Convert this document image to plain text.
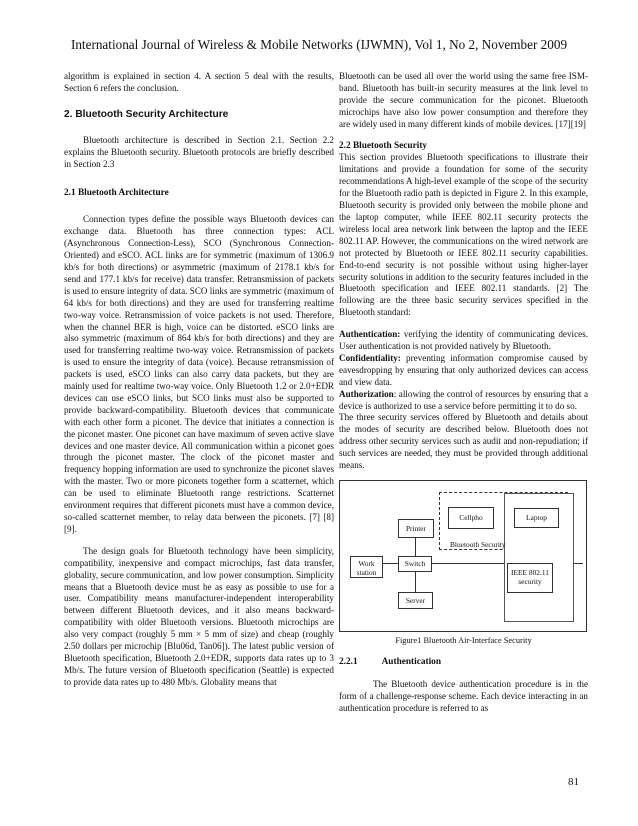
International Journal of Wireless & Mobile Networks (IJWMN), Vol 1, No 2, November 2009

algorithm is explained in section 4. A section 5 deal with the results, Section 6 refers the conclusion.

2. Bluetooth Security Architecture

Bluetooth architecture is described in Section 2.1. Section 2.2 explains the Bluetooth security. Bluetooth protocols are briefly described in Section 2.3

2.1 Bluetooth Architecture

Connection types define the possible ways Bluetooth devices can exchange data. Bluetooth has three connection types: ACL (Asynchronous Connection-Less), SCO (Synchronous Connection-Oriented) and eSCO. ACL links are for symmetric (maximum of 1306.9 kb/s for both directions) or asymmetric (maximum of 2178.1 kb/s for send and 177.1 kb/s for receive) data transfer. Retransmission of packets is used to ensure integrity of data. SCO links are symmetric (maximum of 64 kb/s for both directions) and they are used for transferring realtime two-way voice. Retransmission of voice packets is not used. Therefore, when the channel BER is high, voice can be distorted. eSCO links are also symmetric (maximum of 864 kb/s for both directions) and they are used for transferring realtime two-way voice. Retransmission of packets is used to ensure the integrity of data (voice). Because retransmission of packets is used, eSCO links can also carry data packets, but they are mainly used for realtime two-way voice. Only Bluetooth 1.2 or 2.0+EDR devices can use eSCO links, but SCO links must also be supported to provide backward-compatibility. Bluetooth devices that communicate with each other form a piconet. The device that initiates a connection is the piconet master. One piconet can have maximum of seven active slave devices and one master device. All communication within a piconet goes through the piconet master. The clock of the piconet master and frequency hopping information are used to synchronize the piconet slaves with the master. Two or more piconets together form a scatternet, which can be used to eliminate Bluetooth range restrictions. Scatternet environment requires that different piconets must have a common device, so-called scatternet member, to relay data between the piconets. [7] [8] [9].

The design goals for Bluetooth technology have been simplicity, compatibility, inexpensive and compact microchips, fast data transfer, globality, secure communication, and low power consumption. Simplicity means that a Bluetooth device must be as easy as possible to use for a user. Compatibility means manufacturer-independent interoperability between different Bluetooth devices, and it also means backward-compatibility with older Bluetooth versions. Bluetooth microchips are also very compact (roughly 5 mm × 5 mm of size) and cheap (roughly 2.50 dollars per microchip [Blu06d, Tan06]). The latest public version of Bluetooth specification, Bluetooth 2.0+EDR, supports data rates up to 3 Mb/s. The future version of Bluetooth specification (Seattle) is expected to provide data rates up to 480 Mb/s. Globality means that

Bluetooth can be used all over the world using the same free ISM-band. Bluetooth has built-in security measures at the link level to provide the secure communication for the piconet. Bluetooth microchips have also low power consumption and therefore they are widely used in many different kinds of mobile devices. [17][19]

2.2 Bluetooth Security

This section provides Bluetooth specifications to illustrate their limitations and provide a foundation for some of the security recommendations A high-level example of the scope of the security for the Bluetooth radio path is depicted in Figure 2. In this example, Bluetooth security is provided only between the mobile phone and the laptop computer, while IEEE 802.11 security protects the wireless local area network link between the laptop and the IEEE 802.11 AP. However, the communications on the wired network are not protected by Bluetooth or IEEE 802.11 security capabilities. End-to-end security is not possible without using higher-layer security solutions in addition to the security features included in the Bluetooth specification and IEEE 802.11 standards. [2] The following are the three basic security services specified in the Bluetooth standard:

Authentication: verifying the identity of communicating devices. User authentication is not provided natively by Bluetooth.

Confidentiality: preventing information compromise caused by eavesdropping by ensuring that only authorized devices can access and view data.

Authorization: allowing the control of resources by ensuring that a device is authorized to use a service before permitting it to do so.

The three security services offered by Bluetooth and details about the modes of security are described below. Bluetooth does not address other security services such as audit and non-repudiation; if such services are needed, they must be provided through additional means.

Cellpho	Laptop
Printer
Bluetooth Security
Work station
Switch
IEEE 802.11 security
Server
Figure1 Bluetooth Air-Interface Security

2.2.1	Authentication

The Bluetooth device authentication procedure is in the form of a challenge-response scheme. Each device interacting in an authentication procedure is referred to as

81
